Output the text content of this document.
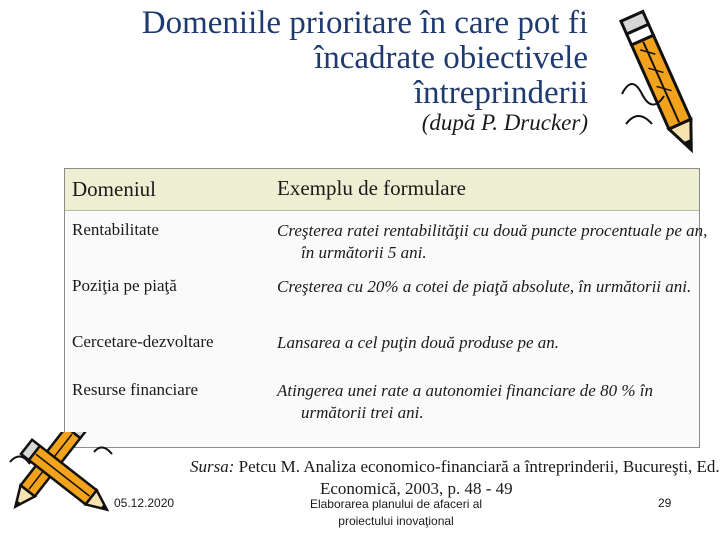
Domeniile prioritare în care pot fi
încadrate obiectivele
întreprinderii
(după P. Drucker)
Domeniul	Exemplu de formulare
Rentabilitate	Creşterea ratei rentabilităţii cu două puncte procentuale pe an, în următorii 5 ani.
Poziţia pe piaţă	Creşterea cu 20% a cotei de piaţă absolute, în următorii ani.
Cercetare-dezvoltare	Lansarea a cel puţin două produse pe an.
Resurse financiare	Atingerea unei rate a autonomiei financiare de 80 % în următorii trei ani.
Sursa: Petcu M. Analiza economico-financiară a întreprinderii, Bucureşti, Ed. Economică, 2003, p. 48 - 49
05.12.2020	Elaborarea planului de afaceri al
proiectului inovaţional
29
